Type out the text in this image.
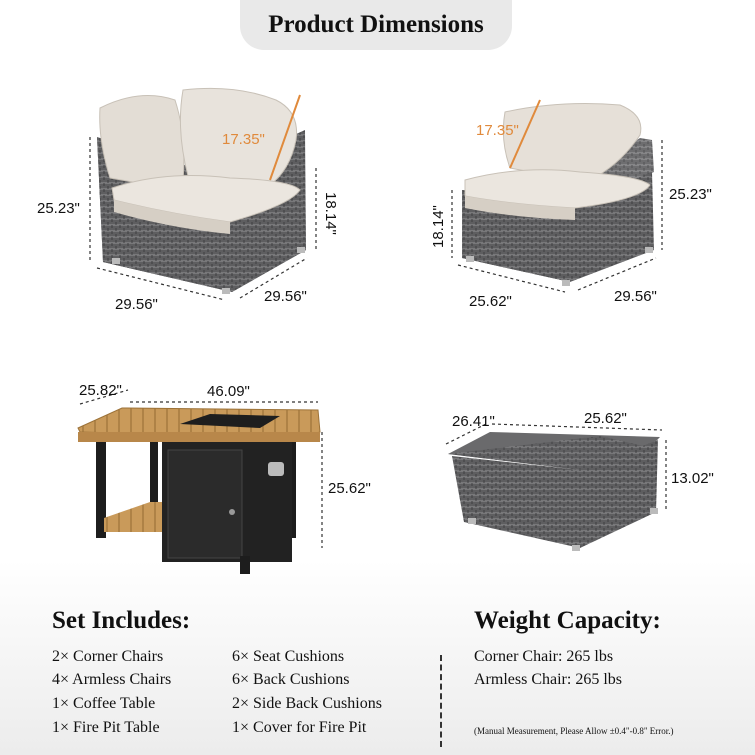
Product Dimensions
17.35"
25.23"	18.14"
29.56"	29.56"
17.35"
18.14"
25.23"
25.62"	29.56"
25.82"	46.09"
25.62"
26.41"	25.62"
13.02"
Set Includes:
2× Corner Chairs
4× Armless Chairs
1× Coffee Table
1× Fire Pit Table
6× Seat Cushions
6× Back Cushions
2× Side Back Cushions
1× Cover for Fire Pit
Weight Capacity:
Corner Chair: 265 lbs
Armless Chair: 265 lbs
(Manual Measurement, Please Allow ±0.4"-0.8" Error.)
